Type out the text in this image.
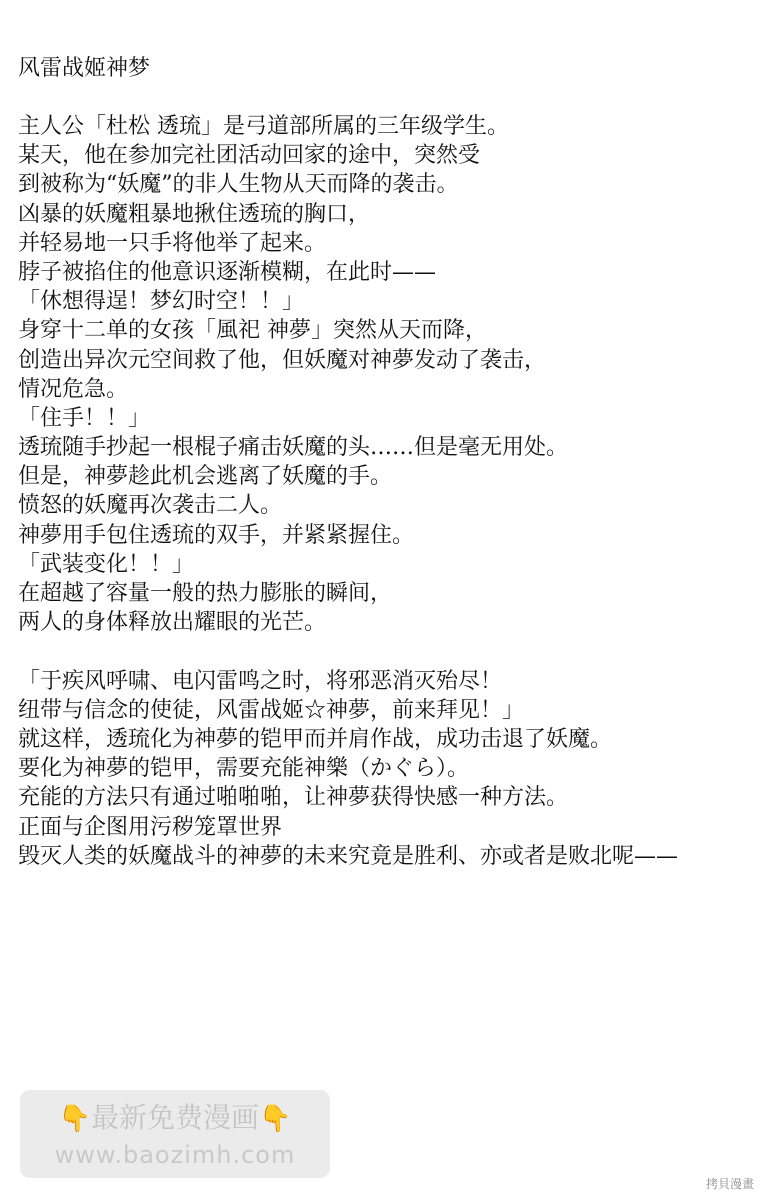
风雷战姬神梦
主人公「杜松 透琉」是弓道部所属的三年级学生。
某天，他在参加完社团活动回家的途中，突然受
到被称为“妖魔”的非人生物从天而降的袭击。
凶暴的妖魔粗暴地揪住透琉的胸口，
并轻易地一只手将他举了起来。
脖子被掐住的他意识逐渐模糊，在此时——
「休想得逞！梦幻时空！！」
身穿十二单的女孩「風祀 神夢」突然从天而降，
创造出异次元空间救了他，但妖魔对神夢发动了袭击，
情况危急。
「住手！！」
透琉随手抄起一根棍子痛击妖魔的头……但是毫无用处。
但是，神夢趁此机会逃离了妖魔的手。
愤怒的妖魔再次袭击二人。
神夢用手包住透琉的双手，并紧紧握住。
「武装变化！！」
在超越了容量一般的热力膨胀的瞬间，
两人的身体释放出耀眼的光芒。
「于疾风呼啸、电闪雷鸣之时，将邪恶消灭殆尽！
纽带与信念的使徒，风雷战姬☆神夢，前来拜见！」
就这样，透琉化为神夢的铠甲而并肩作战，成功击退了妖魔。
要化为神夢的铠甲，需要充能神樂（かぐら）。
充能的方法只有通过啪啪啪，让神夢获得快感一种方法。
正面与企图用污秽笼罩世界
毁灭人类的妖魔战斗的神夢的未来究竟是胜利、亦或者是败北呢——
👇最新免费漫画👇
www.baozimh.com
拷貝漫畫
